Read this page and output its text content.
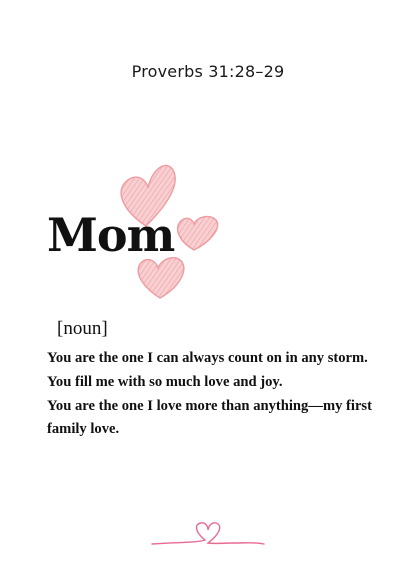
Proverbs 31:28–29
Mom
[noun]
You are the one I can always count on in any storm.
You fill me with so much love and joy.
You are the one I love more than anything—my first family love.
